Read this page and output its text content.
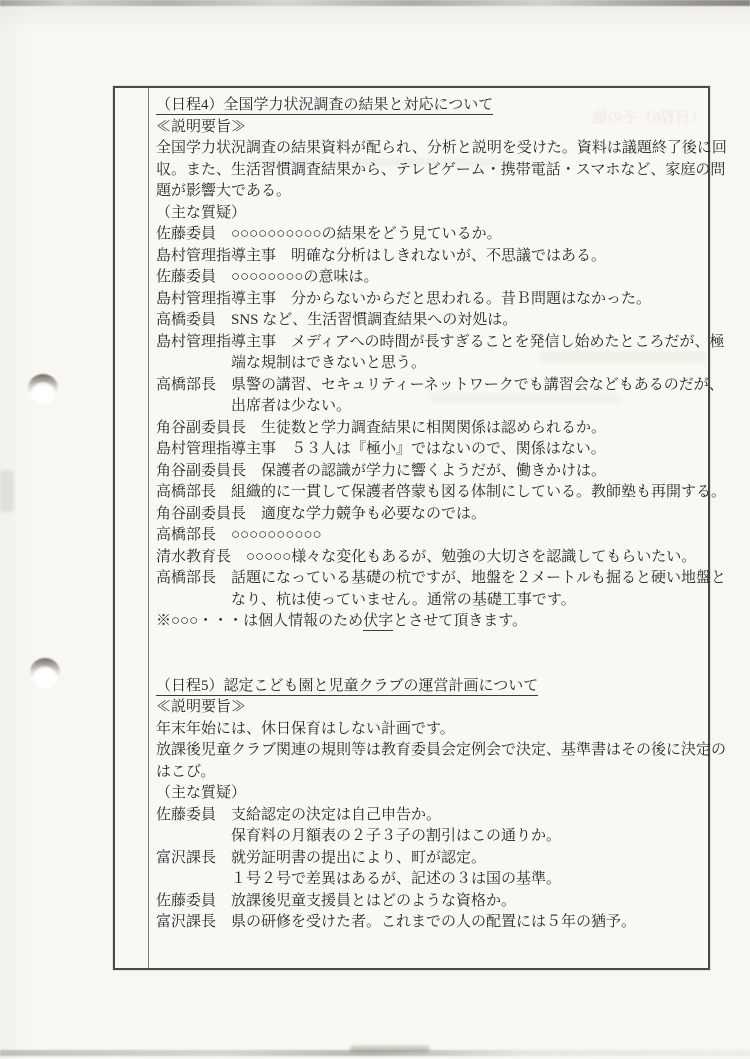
（日程6）その他
（日程4）全国学力状況調査の結果と対応について
≪説明要旨≫
全国学力状況調査の結果資料が配られ、分析と説明を受けた。資料は議題終了後に回
収。また、生活習慣調査結果から、テレビゲーム・携帯電話・スマホなど、家庭の問
題が影響大である。
（主な質疑）
佐藤委員　○○○○○○○○○○の結果をどう見ているか。
島村管理指導主事　明確な分析はしきれないが、不思議ではある。
佐藤委員　○○○○○○○○の意味は。
島村管理指導主事　分からないからだと思われる。昔Ｂ問題はなかった。
高橋委員　SNS など、生活習慣調査結果への対処は。
島村管理指導主事　メディアへの時間が長すぎることを発信し始めたところだが、極
　　　　　端な規制はできないと思う。
高橋部長　県警の講習、セキュリティーネットワークでも講習会などもあるのだが、
　　　　　出席者は少ない。
角谷副委員長　生徒数と学力調査結果に相関関係は認められるか。
島村管理指導主事　５３人は『極小』ではないので、関係はない。
角谷副委員長　保護者の認識が学力に響くようだが、働きかけは。
高橋部長　組織的に一貫して保護者啓蒙も図る体制にしている。教師塾も再開する。
角谷副委員長　適度な学力競争も必要なのでは。
高橋部長　○○○○○○○○○○
清水教育長　○○○○○様々な変化もあるが、勉強の大切さを認識してもらいたい。
高橋部長　話題になっている基礎の杭ですが、地盤を２メートルも掘ると硬い地盤と
　　　　　なり、杭は使っていません。通常の基礎工事です。
※○○○・・・は個人情報のため伏字とさせて頂きます。
（日程5）認定こども園と児童クラブの運営計画について
≪説明要旨≫
年末年始には、休日保育はしない計画です。
放課後児童クラブ関連の規則等は教育委員会定例会で決定、基準書はその後に決定の
はこび。
（主な質疑）
佐藤委員　支給認定の決定は自己申告か。
　　　　　保育料の月額表の２子３子の割引はこの通りか。
富沢課長　就労証明書の提出により、町が認定。
　　　　　１号２号で差異はあるが、記述の３は国の基準。
佐藤委員　放課後児童支援員とはどのような資格か。
富沢課長　県の研修を受けた者。これまでの人の配置には５年の猶予。
